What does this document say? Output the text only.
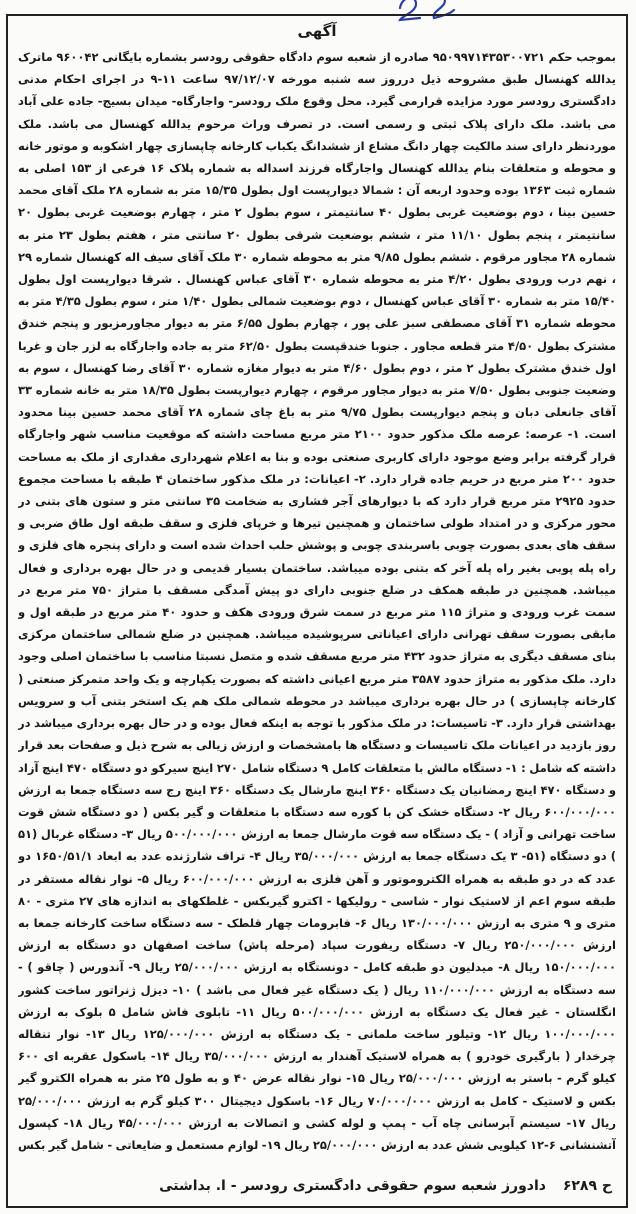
آگهی
بموجب حکم ۹۵۰۹۹۷۱۴۳۵۳۰۰۷۲۱ صادره از شعبه سوم دادگاه حقوقی رودسر بشماره بایگانی ۹۶۰۰۴۲ ماترک یدالله کهنسال طبق مشروحه ذیل درروز سه شنبه مورخه ۹۷/۱۲/۰۷ ساعت ۱۱-۹ در اجرای احکام مدنی دادگستری رودسر مورد مزایده قرارمی گیرد. محل وقوع ملک رودسر- واجارگاه- میدان بسیج- جاده علی آباد می باشد. ملک دارای پلاک ثبتی و رسمی است. در تصرف وراث مرحوم یدالله کهنسال می باشد. ملک موردنظر دارای سند مالکیت چهار دانگ مشاع از ششدانگ یکباب کارخانه چاپسازی چهار اشکوبه و موتور خانه و محوطه و متعلقات بنام یدالله کهنسال واجارگاه فرزند اسداله به شماره پلاک ۱۶ فرعی از ۱۵۳ اصلی به شماره ثبت ۱۳۶۳ بوده وحدود اربعه آن : شمالا دیوارپست اول بطول ۱۵/۳۵ متر به شماره ۲۸ ملک آقای محمد حسین بینا ، دوم بوضعیت غربی بطول ۴۰ سانتیمتر ، سوم بطول ۲ متر ، چهارم بوضعیت غربی بطول ۲۰ سانتیمتر ، پنجم بطول ۱۱/۱۰ متر ، ششم بوضعیت شرقی بطول ۲۰ سانتی متر ، هفتم بطول ۲۳ متر به شماره ۲۸ مجاور مرقوم . ششم بطول ۹/۸۵ متر به محوطه شماره ۳۰ ملک آقای سیف اله کهنسال شماره ۲۹ ، نهم درب ورودی بطول ۴/۲۰ متر به محوطه شماره ۳۰ آقای عباس کهنسال . شرقا دیوارپست اول بطول ۱۵/۴۰ متر به شماره ۳۰ آقای عباس کهنسال ، دوم بوضعیت شمالی بطول ۱/۴۰ متر ، سوم بطول ۴/۳۵ متر به محوطه شماره ۳۱ آقای مصطفی سبز علی پور ، چهارم بطول ۶/۵۵ متر به دیوار مجاورمزبور و پنجم خندق مشترک بطول ۴/۵۰ متر قطعه مجاور . جنوبا خندقپست بطول ۶۲/۵۰ متر به جاده واجارگاه به لزر جان و غربا اول خندق مشترک بطول ۲ متر ، دوم بطول ۴/۶۰ متر به دیوار مغازه شماره ۳۰ آقای رضا کهنسال ، سوم به وضعیت جنوبی بطول ۷/۵۰ متر به دیوار مجاور مرقوم ، چهارم دیوارپست بطول ۱۸/۳۵ متر به خانه شماره ۳۳ آقای جانعلی دبان و پنجم دیوارپست بطول ۹/۷۵ متر به باغ چای شماره ۲۸ آقای محمد حسین بینا محدود است. ۱- عرصه: عرصه ملک مذکور حدود ۲۱۰۰ متر مربع مساحت داشته که موقعیت مناسب شهر واجارگاه قرار گرفته برابر وضع موجود دارای کاربری صنعتی بوده و بنا به اعلام شهرداری مقداری از ملک به مساحت حدود ۲۰۰ متر مربع در حریم جاده قرار دارد. ۲- اعیانات: در ملک مذکور ساختمان ۴ طبقه با مساحت مجموع حدود ۲۹۲۵ متر مربع قرار دارد که با دیوارهای آجر فشاری به ضخامت ۳۵ سانتی متر و ستون های بتنی در محور مرکزی و در امتداد طولی ساختمان و همچنین تیرها و خرپای فلزی و سقف طبقه اول طاق ضربی و سقف های بعدی بصورت چوبی باسربندی چوبی و پوشش حلب احداث شده است و دارای پنجره های فلزی و راه پله پوبی بغیر راه پله آخر که بتنی بوده میباشد. ساختمان بسیار قدیمی و در حال بهره برداری و فعال میباشد. همچنین در طبقه همکف در ضلع جنوبی دارای دو پیش آمدگی مسقف با متراژ ۷۵۰ متر مربع در سمت غرب ورودی و متراژ ۱۱۵ متر مربع در سمت شرق ورودی هکف و حدود ۴۰ متر مربع در طبقه اول و مابقی بصورت سقف تهرانی دارای اعیاناتی سرپوشیده میباشد. همچنین در ضلع شمالی ساختمان مرکزی بنای مسقف دیگری به متراژ حدود ۴۳۲ متر مربع مسقف شده و متصل نسبتا مناسب با ساختمان اصلی وجود دارد. ملک مذکور به متراژ حدود ۳۵۸۷ متر مربع اعیانی داشته که بصورت یکپارچه و یک واحد متمرکز صنعتی ( کارخانه چاپسازی ) در حال بهره برداری میباشد در محوطه شمالی ملک هم یک استخر بتنی آب و سرویس بهداشتی قرار دارد. ۳- تاسیسات: در ملک مذکور با توجه به اینکه فعال بوده و در حال بهره برداری میباشد در روز بازدید در اعیانات ملک تاسیسات و دستگاه ها بامشخصات و ارزش زیالی به شرح ذیل و صفحات بعد قرار داشته که شامل : ۱- دستگاه مالش با متعلقات کامل ۹ دستگاه شامل ۲۷۰ اینچ سیرکو دو دستگاه ۴۷۰ اینچ آزاد و دستگاه ۴۷۰ اینچ رمضانیان یک دستگاه ۳۶۰ اینچ مارشال یک دستگاه ۳۶۰ اینچ رج سه دستگاه جمعا به ارزش ۶۰۰/۰۰۰/۰۰۰ ریال ۲- دستگاه خشک کن با کوره سه دستگاه با متعلقات و گیر بکس ( دو دستگاه شش قوت ساخت تهرانی و آزاد ) - یک دستگاه سه قوت مارشال جمعا به ارزش ۵۰۰/۰۰۰/۰۰۰ ریال ۳- دستگاه غربال (۵۱ ) دو دستگاه (۵۱- ۳ یک دستگاه جمعا به ارزش ۳۵/۰۰۰/۰۰۰ ریال ۴- تراف شارژنده عدد به ابعاد ۱۶۵۰/۵۱/۱ دو عدد که در دو طبقه به همراه الکتروموتور و آهن فلزی به ارزش ۶۰۰/۰۰۰/۰۰۰ ریال ۵- نوار نقاله مستقر در طبقه سوم اعم از لاستیک نوار - شاسی - رولیکها - اکترو گیربکس - غلطکهای به اندازه های ۲۷ متری - ۸۰ متری و ۹ متری به ارزش ۱۳۰/۰۰۰/۰۰۰ ریال ۶- فابرومات چهار قلطک - سه دستگاه ساخت کارخانه جمعا به ارزش ۲۵۰/۰۰۰/۰۰۰ ریال ۷- دستگاه ریفورت سپاد (مرحله پاش) ساخت اصفهان دو دستگاه به ارزش ۱۵۰/۰۰۰/۰۰۰ ریال ۸- میدلیون دو طبقه کامل - دونستگاه به ارزش ۲۵/۰۰۰/۰۰۰ ریال ۹- آندورس ( چاقو ) - سه دستگاه به ارزش ۱۱۰/۰۰۰/۰۰۰ ریال ( یک دستگاه غیر فعال می باشد ) ۱۰- دیزل ژنراتور ساخت کشور انگلستان - غیر فعال یک دستگاه به ارزش ۵۰۰/۰۰۰/۰۰۰ ریال ۱۱- تابلوی فاش شامل ۵ بلوک به ارزش ۱۰۰/۰۰۰/۰۰۰ ریال ۱۲- وتیلور ساخت ملمانی - یک دستگاه به ارزش ۱۲۵/۰۰۰/۰۰۰ ریال ۱۳- نوار تنقاله چرخدار ( بارگیری خودرو ) به همراه لاستیک آهندار به ارزش ۳۵/۰۰۰/۰۰۰ ریال ۱۴- باسکول عقربه ای ۶۰۰ کیلو گرم - باستر به ارزش ۲۵/۰۰۰/۰۰۰ ریال ۱۵- نوار نقاله عرض ۴۰ و به طول ۲۵ متر به همراه الکترو گیر بکس و لاستیک - کامل به ارزش ۷۰/۰۰۰/۰۰۰ ریال ۱۶- باسکول دیجیتال ۳۰۰ کیلو گرم به ارزش ۲۵/۰۰۰/۰۰۰ ریال ۱۷- سیستم آبرسانی چاه آب - پمپ و لوله کشی و اتصالات به ارزش ۴۵/۰۰۰/۰۰۰ ریال ۱۸- کپسول آتشنشانی ۶-۱۲ کیلویی شش عدد به ارزش ۲۵/۰۰۰/۰۰۰ ریال ۱۹- لوازم مستعمل و ضایعاتی - شامل گیر بکس
ح ۶۲۸۹ دادورز شعبه سوم حقوقی دادگستری رودسر - ا. بداشتی
